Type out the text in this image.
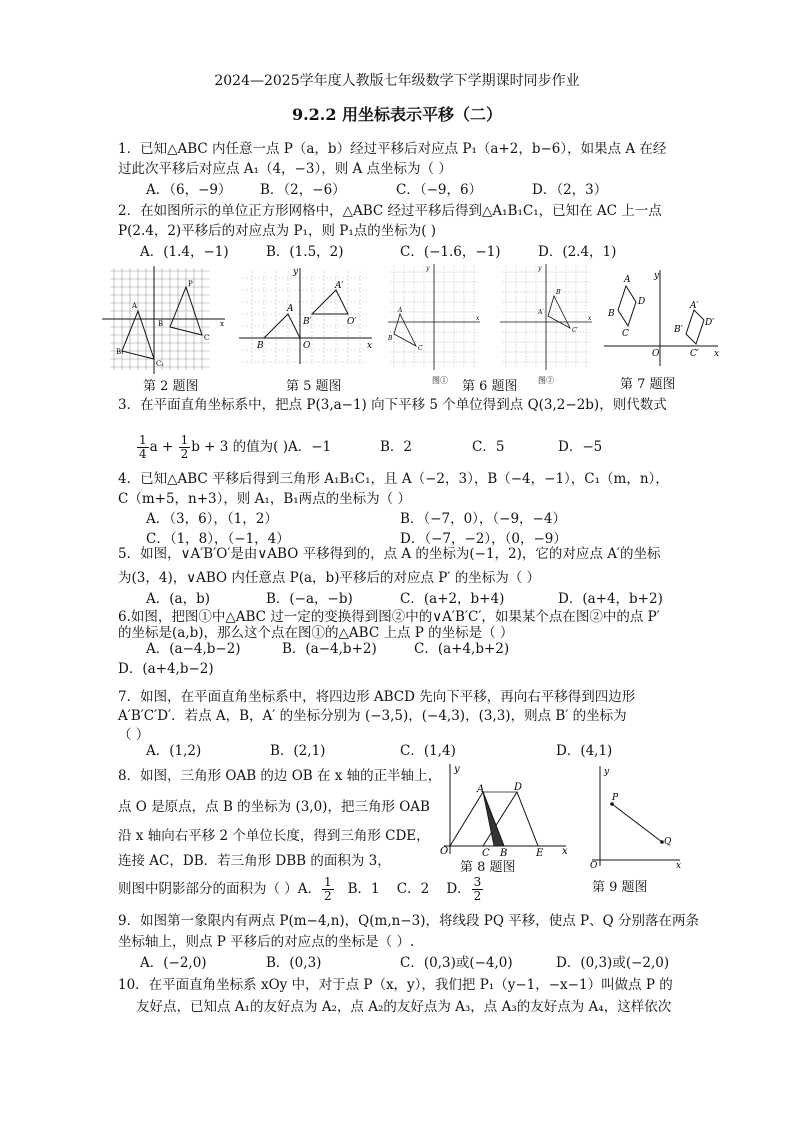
2024—2025学年度人教版七年级数学下学期课时同步作业
9.2.2 用坐标表示平移（二）
1．已知△ABC 内任意一点 P（a，b）经过平移后对应点 P₁（a+2，b−6），如果点 A 在经
过此次平移后对应点 A₁（4，−3），则 A 点坐标为（ ）
A．（6，−9） B．（2，−6）	C．（−9，6）	D．（2，3）
2．在如图所示的单位正方形网格中，△ABC 经过平移后得到△A₁B₁C₁，已知在 AC 上一点
P(2.4，2)平移后的对应点为 P₁，则 P₁点的坐标为( )
A．(1.4，−1)	B．(1.5，2)	C．(−1.6，−1)	D．(2.4，1)
A
B₁
C₁
P
B
C
x
第 2 题图
A
B	O
A′
B′	O′
y
x
第 5 题图
y
x
A
B
C
图① 第 6 题图
y
x
B′
A′
C′
图②
A
B
C
D	A′
B′
C′
D′
O
y
x
第 7 题图
3．在平面直角坐标系中，把点 P(3,a−1) 向下平移 5 个单位得到点 Q(3,2−2b)，则代数式
$\frac{1}{4}$ $a + \frac{1}{2}$ b + 3 的值为( )A．−1	B．2	C．5	D．−5
4．已知△ABC 平移后得到三角形 A₁B₁C₁，且 A（−2，3），B（−4，−1），C₁（m，n），
C（m+5，n+3），则 A₁，B₁两点的坐标为（ ）
A．（3，6），（1，2）	B．（−7，0），（−9，−4）
C．（1，8），（−1，4）	D．（−7，−2），（0，−9）
5．如图，∨A′B′O′是由∨ABO 平移得到的，点 A 的坐标为(−1，2)，它的对应点 A′的坐标
为(3，4)，∨ABO 内任意点 P(a，b)平移后的对应点 P′ 的坐标为（ ）
A．(a，b)	B．(−a，−b)	C．(a+2，b+4)	D．(a+4，b+2)
6.如图，把图①中△ABC 过一定的变换得到图②中的∨A′B′C′，如果某个点在图②中的点 P′
的坐标是(a,b)，那么这个点在图①的△ABC 上点 P 的坐标是（ ）
A．(a−4,b−2)	B．(a−4,b+2)	C．(a+4,b+2)
D．(a+4,b−2)
7．如图，在平面直角坐标系中，将四边形 ABCD 先向下平移，再向右平移得到四边形
A′B′C′D′．若点 A，B，A′ 的坐标分别为 (−3,5)，(−4,3)，(3,3)，则点 B′ 的坐标为
（ ）
A．(1,2)	B．(2,1)	C．(1,4)	D．(4,1)
8．如图，三角形 OAB 的边 OB 在 x 轴的正半轴上，
点 O 是原点，点 B 的坐标为 (3,0)，把三角形 OAB
沿 x 轴向右平移 2 个单位长度，得到三角形 CDE，
连接 AC，DB．若三角形 DBB 的面积为 3，
则图中阴影部分的面积为（ ）A． $\frac{1}{2}$ B．1 C．2 D． $\frac{3}{2}$
A	D
O	C B	E
y
x
第 8 题图
P
Q
O
y
x
第 9 题图
9．如图第一象限内有两点 P(m−4,n)，Q(m,n−3)，将线段 PQ 平移，使点 P、Q 分别落在两条
坐标轴上，则点 P 平移后的对应点的坐标是（ ）.
A．(−2,0)	B．(0,3)	C．(0,3)或(−4,0)	D．(0,3)或(−2,0)
10．在平面直角坐标系 xOy 中，对于点 P（x，y），我们把 P₁（y−1，−x−1）叫做点 P 的
友好点，已知点 A₁的友好点为 A₂，点 A₂的友好点为 A₃，点 A₃的友好点为 A₄，这样依次
